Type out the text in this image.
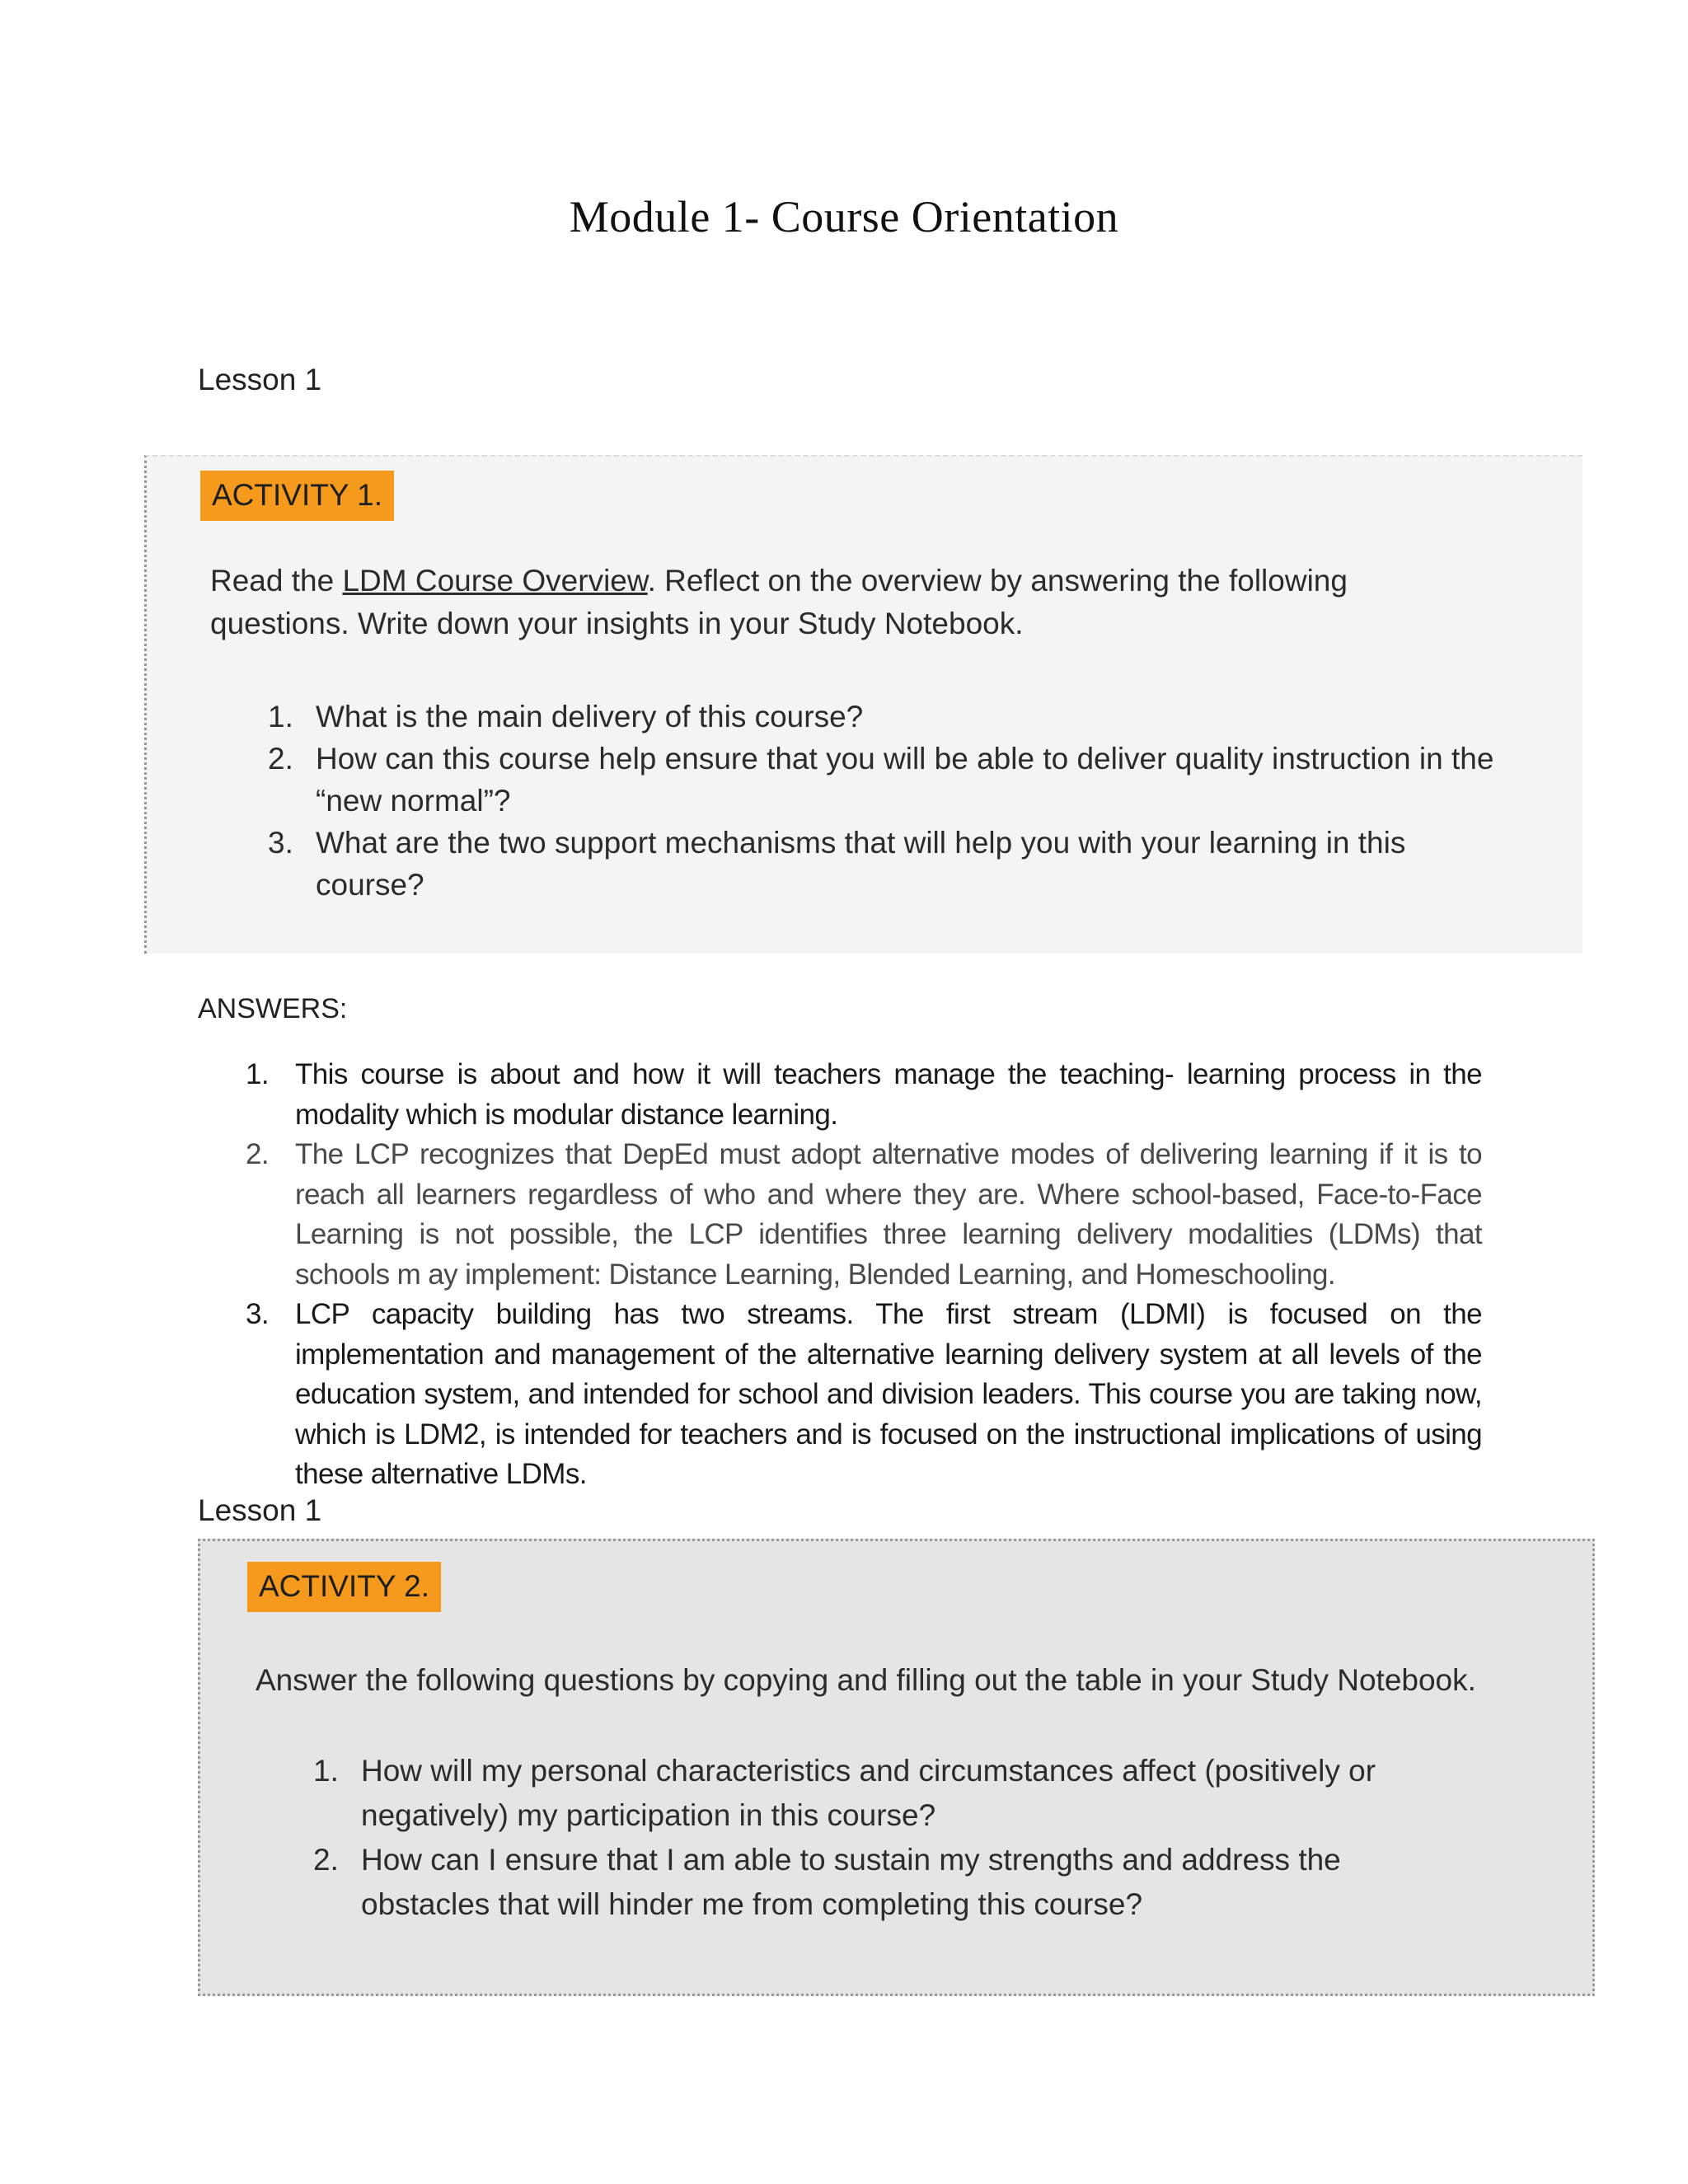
Module 1- Course Orientation
Lesson 1
ACTIVITY 1.
Read the LDM Course Overview. Reflect on the overview by answering the following questions. Write down your insights in your Study Notebook.
1. What is the main delivery of this course?
2. How can this course help ensure that you will be able to deliver quality instruction in the “new normal”?
3. What are the two support mechanisms that will help you with your learning in this course?
ANSWERS:
1. This course is about and how it will teachers manage the teaching- learning process in the modality which is modular distance learning.
2. The LCP recognizes that DepEd must adopt alternative modes of delivering learning if it is to reach all learners regardless of who and where they are. Where school-based, Face-to-Face Learning is not possible, the LCP identifies three learning delivery modalities (LDMs) that schools m ay implement: Distance Learning, Blended Learning, and Homeschooling.
3. LCP capacity building has two streams. The first stream (LDMI) is focused on the implementation and management of the alternative learning delivery system at all levels of the education system, and intended for school and division leaders. This course you are taking now, which is LDM2, is intended for teachers and is focused on the instructional implications of using these alternative LDMs.
Lesson 1
ACTIVITY 2.
Answer the following questions by copying and filling out the table in your Study Notebook.
1. How will my personal characteristics and circumstances affect (positively or negatively) my participation in this course?
2. How can I ensure that I am able to sustain my strengths and address the obstacles that will hinder me from completing this course?
